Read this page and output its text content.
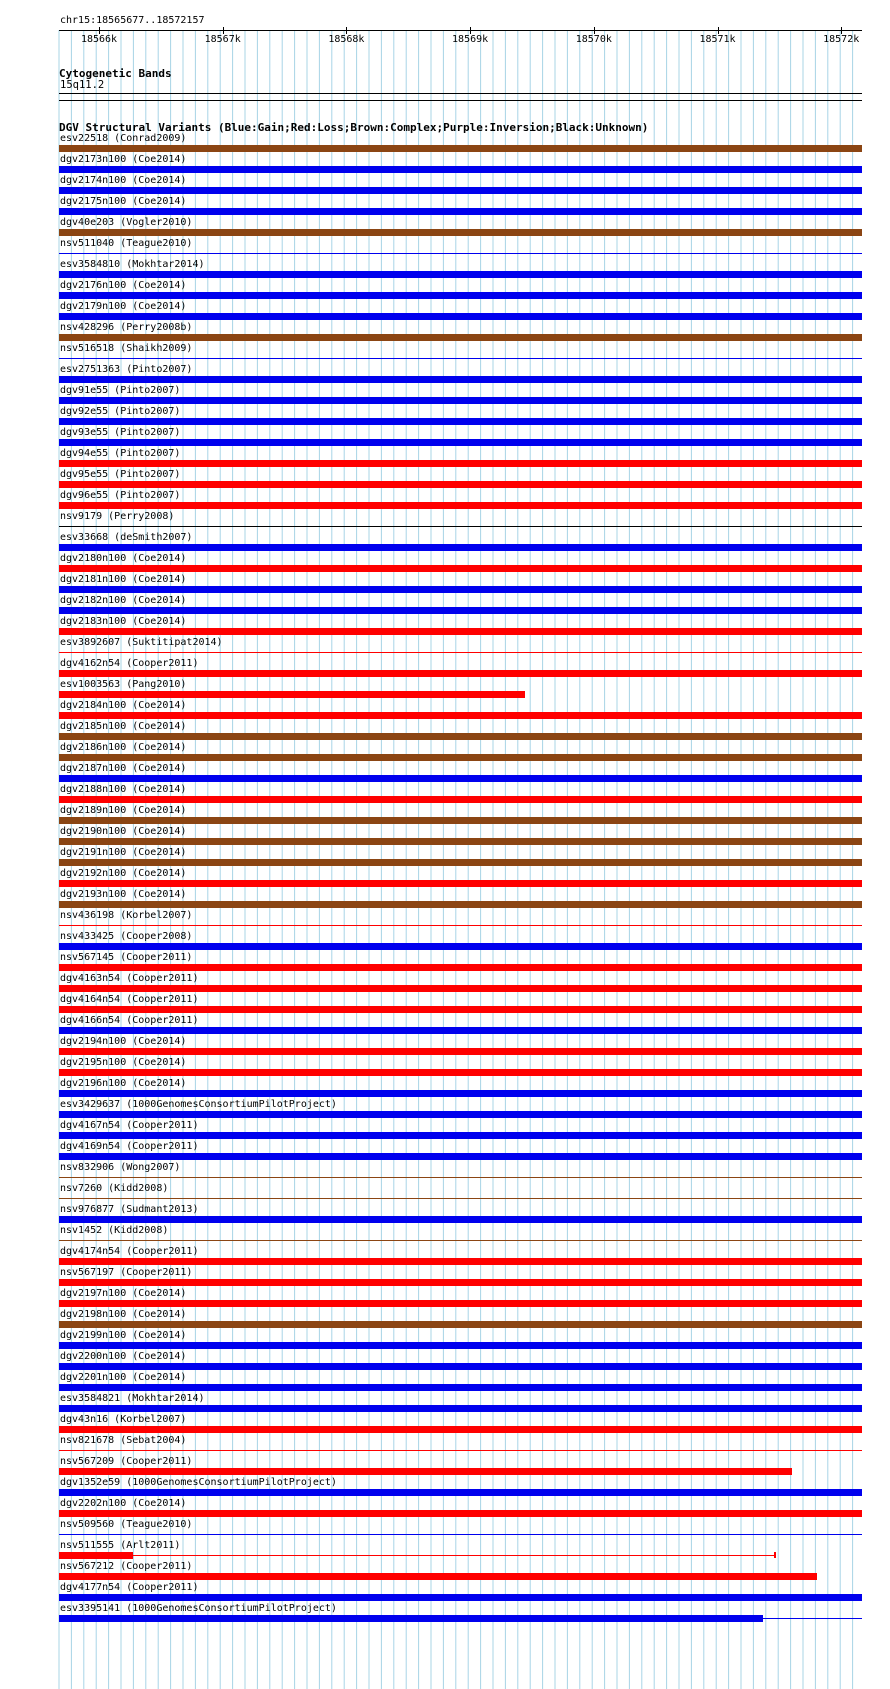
chr15:18565677..18572157
18566k	18567k	18568k	18569k	18570k	18571k	18572k
Cytogenetic Bands
15q11.2
DGV Structural Variants (Blue:Gain;Red:Loss;Brown:Complex;Purple:Inversion;Black:Unknown)
esv22518 (Conrad2009)
dgv2173n100 (Coe2014)
dgv2174n100 (Coe2014)
dgv2175n100 (Coe2014)
dgv40e203 (Vogler2010)
nsv511040 (Teague2010)
esv3584810 (Mokhtar2014)
dgv2176n100 (Coe2014)
dgv2179n100 (Coe2014)
nsv428296 (Perry2008b)
nsv516518 (Shaikh2009)
esv2751363 (Pinto2007)
dgv91e55 (Pinto2007)
dgv92e55 (Pinto2007)
dgv93e55 (Pinto2007)
dgv94e55 (Pinto2007)
dgv95e55 (Pinto2007)
dgv96e55 (Pinto2007)
nsv9179 (Perry2008)
esv33668 (deSmith2007)
dgv2180n100 (Coe2014)
dgv2181n100 (Coe2014)
dgv2182n100 (Coe2014)
dgv2183n100 (Coe2014)
esv3892607 (Suktitipat2014)
dgv4162n54 (Cooper2011)
esv1003563 (Pang2010)
dgv2184n100 (Coe2014)
dgv2185n100 (Coe2014)
dgv2186n100 (Coe2014)
dgv2187n100 (Coe2014)
dgv2188n100 (Coe2014)
dgv2189n100 (Coe2014)
dgv2190n100 (Coe2014)
dgv2191n100 (Coe2014)
dgv2192n100 (Coe2014)
dgv2193n100 (Coe2014)
nsv436198 (Korbel2007)
nsv433425 (Cooper2008)
nsv567145 (Cooper2011)
dgv4163n54 (Cooper2011)
dgv4164n54 (Cooper2011)
dgv4166n54 (Cooper2011)
dgv2194n100 (Coe2014)
dgv2195n100 (Coe2014)
dgv2196n100 (Coe2014)
esv3429637 (1000GenomesConsortiumPilotProject)
dgv4167n54 (Cooper2011)
dgv4169n54 (Cooper2011)
nsv832906 (Wong2007)
nsv7260 (Kidd2008)
nsv976877 (Sudmant2013)
nsv1452 (Kidd2008)
dgv4174n54 (Cooper2011)
nsv567197 (Cooper2011)
dgv2197n100 (Coe2014)
dgv2198n100 (Coe2014)
dgv2199n100 (Coe2014)
dgv2200n100 (Coe2014)
dgv2201n100 (Coe2014)
esv3584821 (Mokhtar2014)
dgv43n16 (Korbel2007)
nsv821678 (Sebat2004)
nsv567209 (Cooper2011)
dgv1352e59 (1000GenomesConsortiumPilotProject)
dgv2202n100 (Coe2014)
nsv509560 (Teague2010)
nsv511555 (Arlt2011)
nsv567212 (Cooper2011)
dgv4177n54 (Cooper2011)
esv3395141 (1000GenomesConsortiumPilotProject)
